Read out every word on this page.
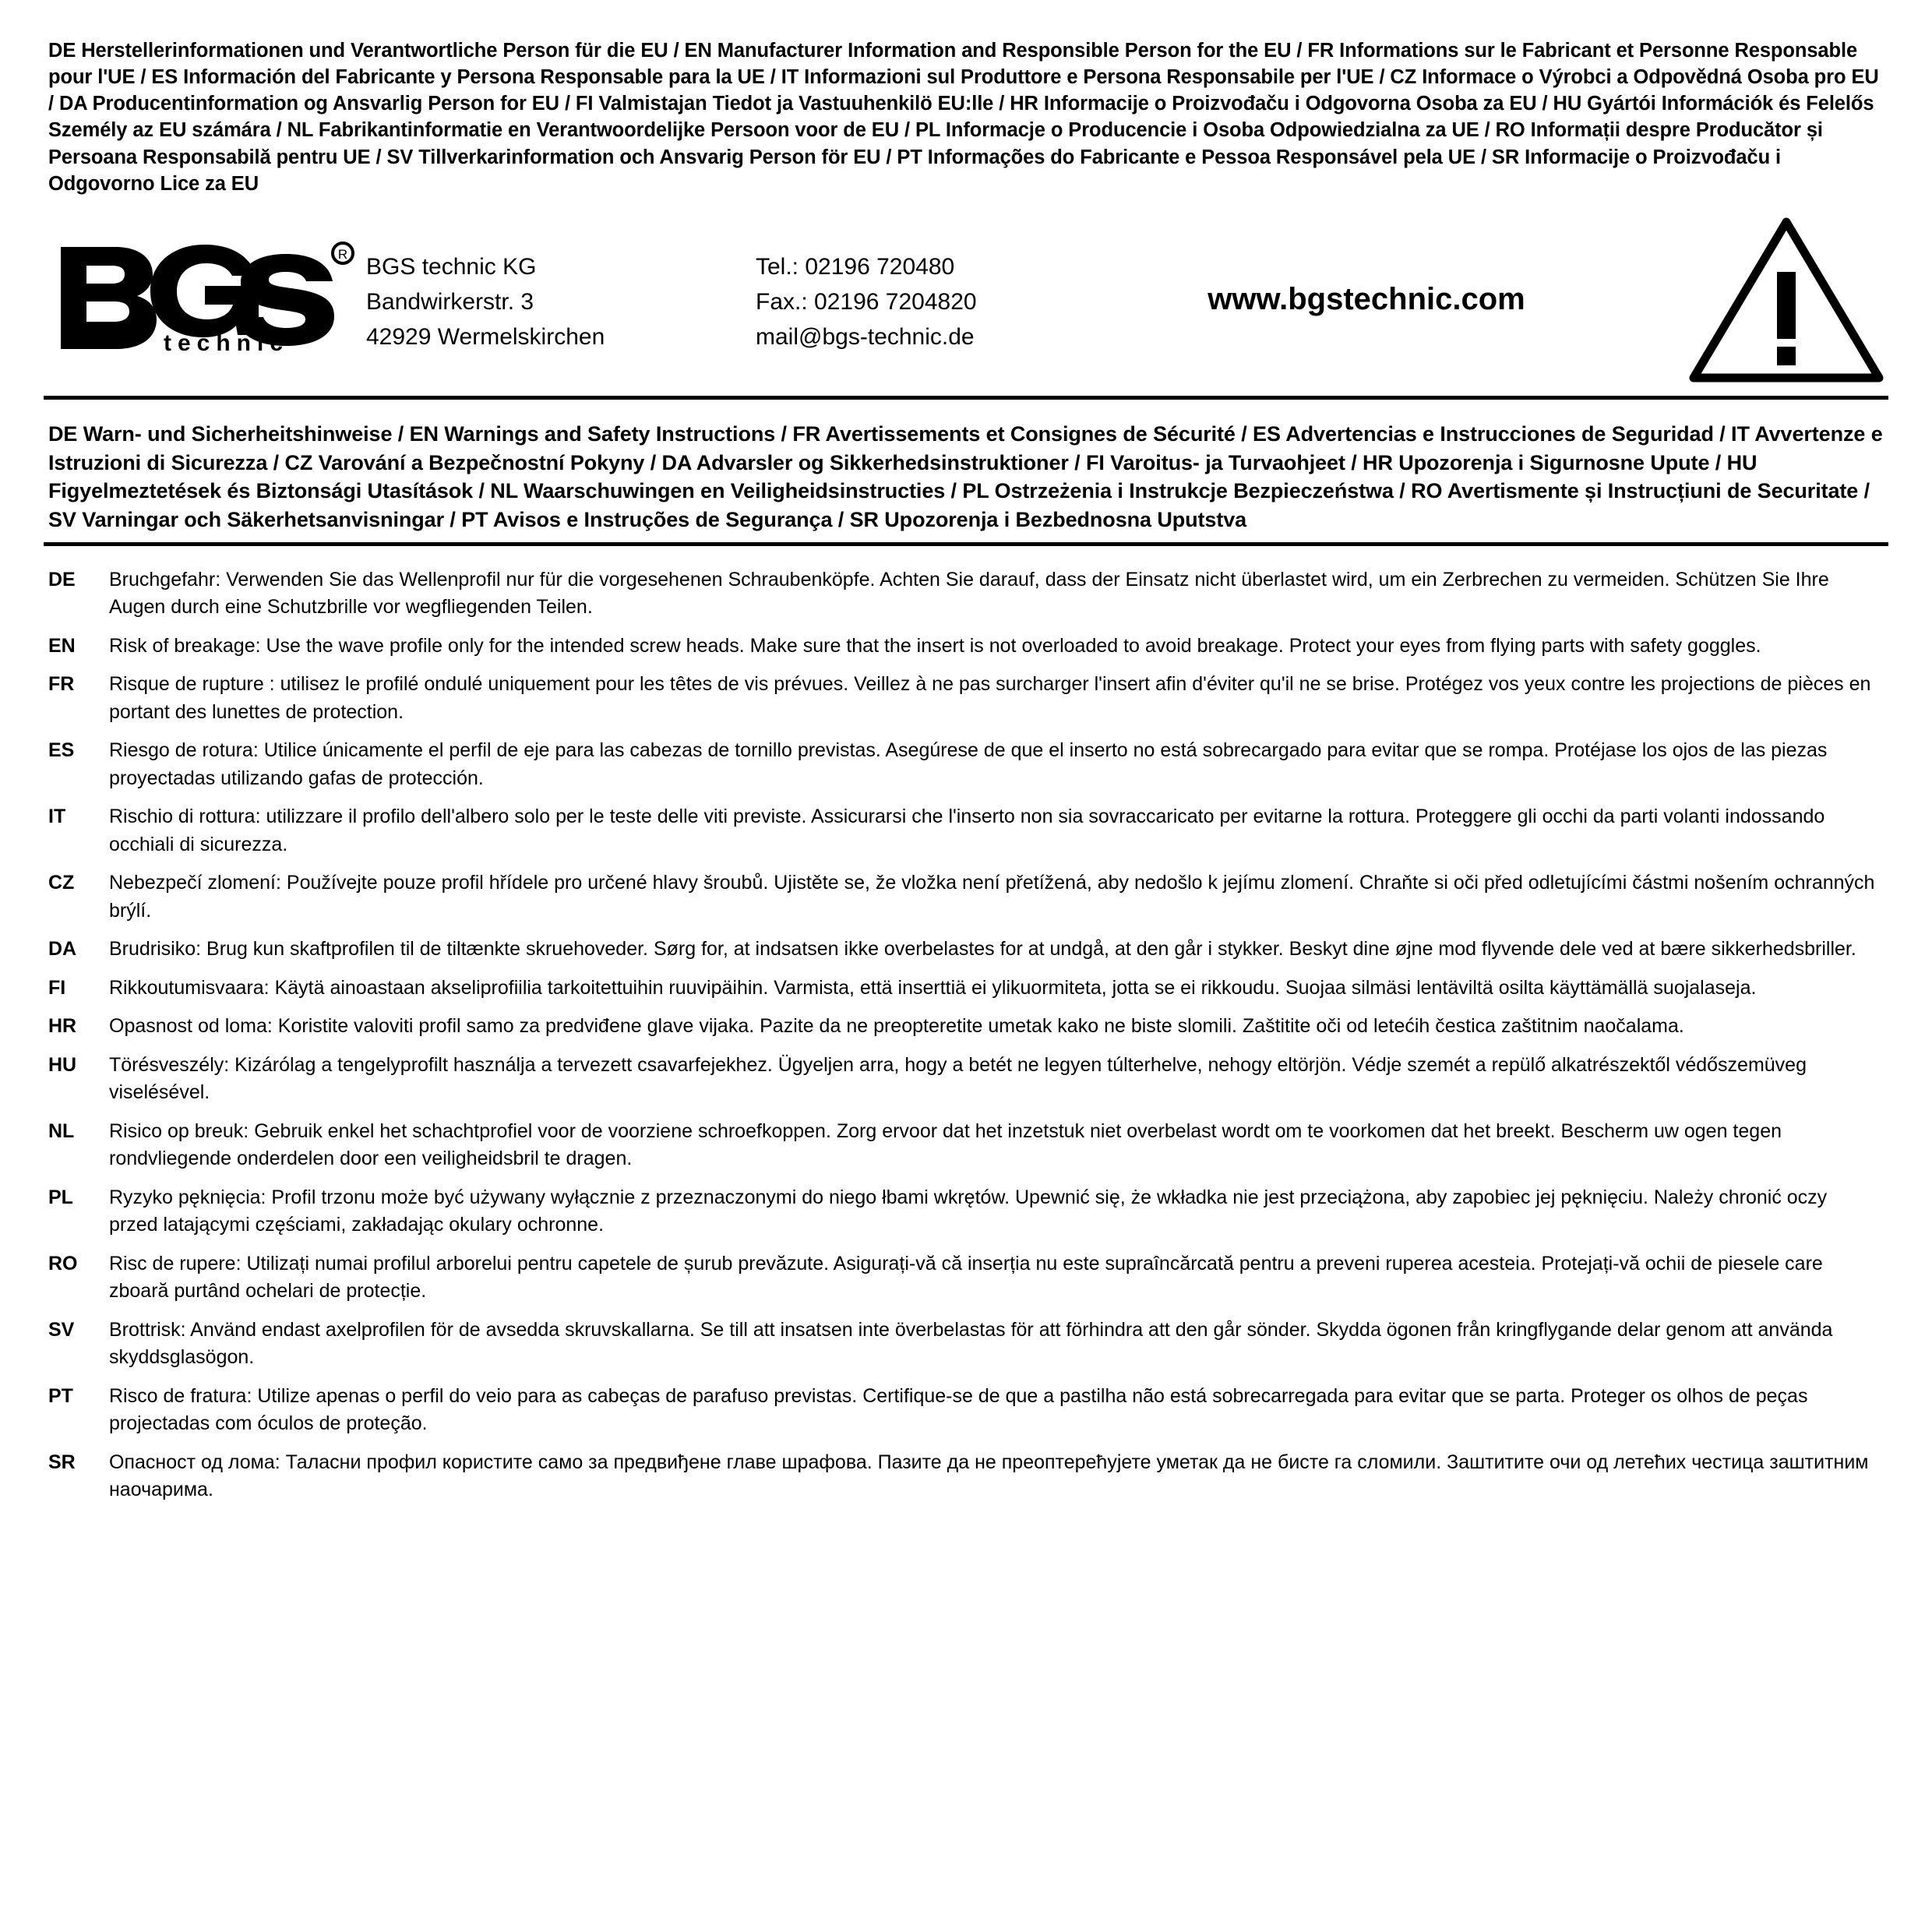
DE Herstellerinformationen und Verantwortliche Person für die EU / EN Manufacturer Information and Responsible Person for the EU / FR Informations sur le Fabricant et Personne Responsable pour l'UE / ES Información del Fabricante y Persona Responsable para la UE / IT Informazioni sul Produttore e Persona Responsabile per l'UE / CZ Informace o Výrobci a Odpovědná Osoba pro EU / DA Producentinformation og Ansvarlig Person for EU / FI Valmistajan Tiedot ja Vastuuhenkilö EU:lle / HR Informacije o Proizvođaču i Odgovorna Osoba za EU / HU Gyártói Információk és Felelős Személy az EU számára / NL Fabrikantinformatie en Verantwoordelijke Persoon voor de EU / PL Informacje o Producencie i Osoba Odpowiedzialna za UE / RO Informații despre Producător și Persoana Responsabilă pentru UE / SV Tillverkarinformation och Ansvarig Person för EU / PT Informações do Fabricante e Pessoa Responsável pela UE / SR Informacije o Proizvođaču i Odgovorno Lice za EU
R
technic
BGS technic KG
Bandwirkerstr. 3
42929 Wermelskirchen
Tel.: 02196 720480
Fax.: 02196 7204820
mail@bgs-technic.de
www.bgstechnic.com
DE Warn- und Sicherheitshinweise / EN Warnings and Safety Instructions / FR Avertissements et Consignes de Sécurité / ES Advertencias e Instrucciones de Seguridad / IT Avvertenze e Istruzioni di Sicurezza / CZ Varování a Bezpečnostní Pokyny / DA Advarsler og Sikkerhedsinstruktioner / FI Varoitus- ja Turvaohjeet / HR Upozorenja i Sigurnosne Upute / HU Figyelmeztetések és Biztonsági Utasítások / NL Waarschuwingen en Veiligheidsinstructies / PL Ostrzeżenia i Instrukcje Bezpieczeństwa / RO Avertismente și Instrucțiuni de Securitate / SV Varningar och Säkerhetsanvisningar / PT Avisos e Instruções de Segurança / SR Upozorenja i Bezbednosna Uputstva
DE	Bruchgefahr: Verwenden Sie das Wellenprofil nur für die vorgesehenen Schraubenköpfe. Achten Sie darauf, dass der Einsatz nicht überlastet wird, um ein Zerbrechen zu vermeiden. Schützen Sie Ihre Augen durch eine Schutzbrille vor wegfliegenden Teilen.
EN	Risk of breakage: Use the wave profile only for the intended screw heads. Make sure that the insert is not overloaded to avoid breakage. Protect your eyes from flying parts with safety goggles.
FR	Risque de rupture : utilisez le profilé ondulé uniquement pour les têtes de vis prévues. Veillez à ne pas surcharger l'insert afin d'éviter qu'il ne se brise. Protégez vos yeux contre les projections de pièces en portant des lunettes de protection.
ES	Riesgo de rotura: Utilice únicamente el perfil de eje para las cabezas de tornillo previstas. Asegúrese de que el inserto no está sobrecargado para evitar que se rompa. Protéjase los ojos de las piezas proyectadas utilizando gafas de protección.
IT	Rischio di rottura: utilizzare il profilo dell'albero solo per le teste delle viti previste. Assicurarsi che l'inserto non sia sovraccaricato per evitarne la rottura. Proteggere gli occhi da parti volanti indossando occhiali di sicurezza.
CZ	Nebezpečí zlomení: Používejte pouze profil hřídele pro určené hlavy šroubů. Ujistěte se, že vložka není přetížená, aby nedošlo k jejímu zlomení. Chraňte si oči před odletujícími částmi nošením ochranných brýlí.
DA	Brudrisiko: Brug kun skaftprofilen til de tiltænkte skruehoveder. Sørg for, at indsatsen ikke overbelastes for at undgå, at den går i stykker. Beskyt dine øjne mod flyvende dele ved at bære sikkerhedsbriller.
FI	Rikkoutumisvaara: Käytä ainoastaan akseliprofiilia tarkoitettuihin ruuvipäihin. Varmista, että inserttiä ei ylikuormiteta, jotta se ei rikkoudu. Suojaa silmäsi lentäviltä osilta käyttämällä suojalaseja.
HR	Opasnost od loma: Koristite valoviti profil samo za predviđene glave vijaka. Pazite da ne preopteretite umetak kako ne biste slomili. Zaštitite oči od letećih čestica zaštitnim naočalama.
HU	Törésveszély: Kizárólag a tengelyprofilt használja a tervezett csavarfejekhez. Ügyeljen arra, hogy a betét ne legyen túlterhelve, nehogy eltörjön. Védje szemét a repülő alkatrészektől védőszemüveg viselésével.
NL	Risico op breuk: Gebruik enkel het schachtprofiel voor de voorziene schroefkoppen. Zorg ervoor dat het inzetstuk niet overbelast wordt om te voorkomen dat het breekt. Bescherm uw ogen tegen rondvliegende onderdelen door een veiligheidsbril te dragen.
PL	Ryzyko pęknięcia: Profil trzonu może być używany wyłącznie z przeznaczonymi do niego łbami wkrętów. Upewnić się, że wkładka nie jest przeciążona, aby zapobiec jej pęknięciu. Należy chronić oczy przed latającymi częściami, zakładając okulary ochronne.
RO	Risc de rupere: Utilizați numai profilul arborelui pentru capetele de șurub prevăzute. Asigurați-vă că inserția nu este supraîncărcată pentru a preveni ruperea acesteia. Protejați-vă ochii de piesele care zboară purtând ochelari de protecție.
SV	Brottrisk: Använd endast axelprofilen för de avsedda skruvskallarna. Se till att insatsen inte överbelastas för att förhindra att den går sönder. Skydda ögonen från kringflygande delar genom att använda skyddsglasögon.
PT	Risco de fratura: Utilize apenas o perfil do veio para as cabeças de parafuso previstas. Certifique-se de que a pastilha não está sobrecarregada para evitar que se parta. Proteger os olhos de peças projectadas com óculos de proteção.
SR	Опасност од лома: Таласни профил користите само за предвиђене главе шрафова. Пазите да не преоптерећујете уметак да не бисте га сломили. Заштитите очи од летећих честица заштитним наочарима.
